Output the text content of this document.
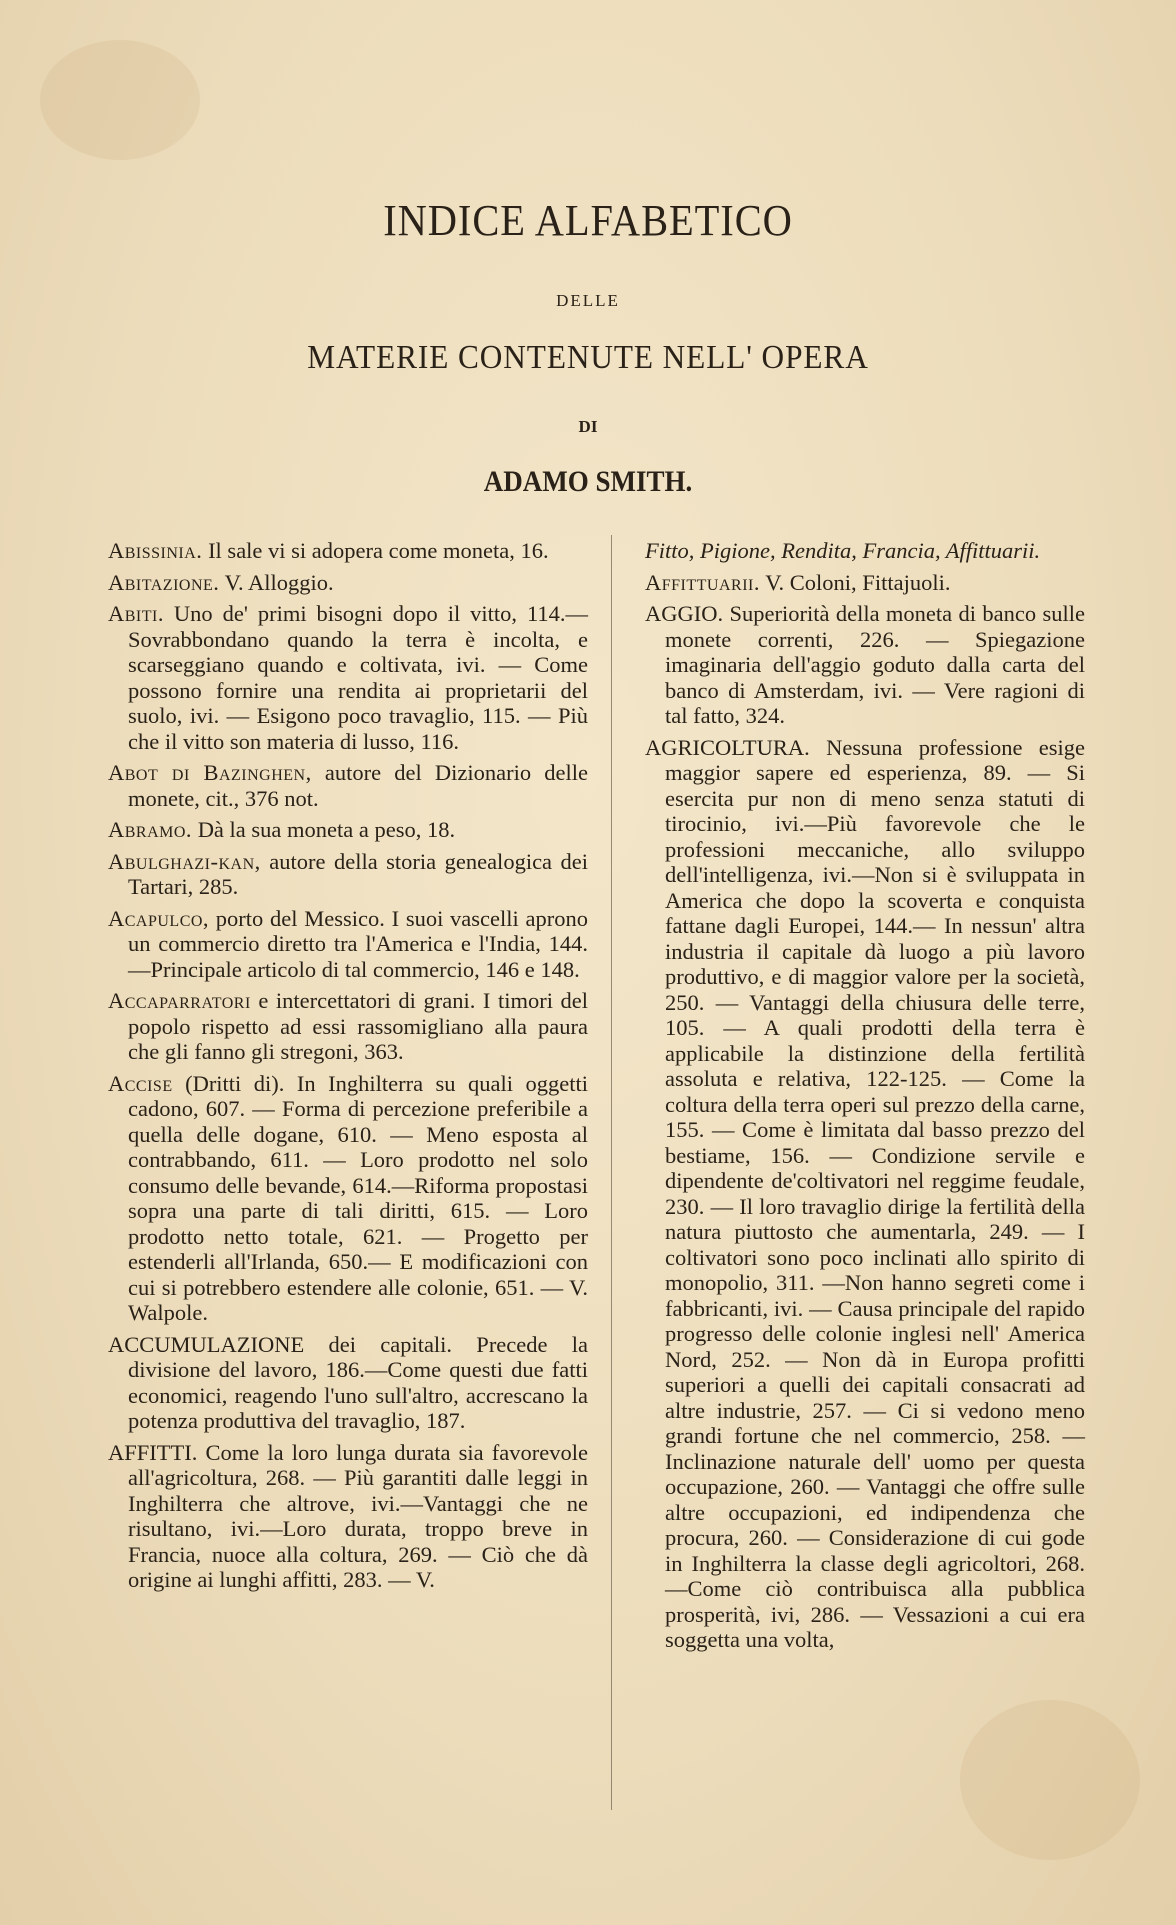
INDICE ALFABETICO

DELLE

MATERIE CONTENUTE NELL' OPERA

DI

ADAMO SMITH.

Abissinia. Il sale vi si adopera come moneta, 16.

Abitazione. V. Alloggio.

Abiti. Uno de' primi bisogni dopo il vitto, 114.—Sovrabbondano quando la terra è incolta, e scarseggiano quando e coltivata, ivi. — Come possono fornire una rendita ai proprietarii del suolo, ivi. — Esigono poco travaglio, 115. — Più che il vitto son materia di lusso, 116.

Abot di Bazinghen, autore del Dizionario delle monete, cit., 376 not.

Abramo. Dà la sua moneta a peso, 18.

Abulghazi-kan, autore della storia genealogica dei Tartari, 285.

Acapulco, porto del Messico. I suoi vascelli aprono un commercio diretto tra l'America e l'India, 144.—Principale articolo di tal commercio, 146 e 148.

Accaparratori e intercettatori di grani. I timori del popolo rispetto ad essi rassomigliano alla paura che gli fanno gli stregoni, 363.

Accise (Dritti di). In Inghilterra su quali oggetti cadono, 607. — Forma di percezione preferibile a quella delle dogane, 610. — Meno esposta al contrabbando, 611. — Loro prodotto nel solo consumo delle bevande, 614.—Riforma propostasi sopra una parte di tali diritti, 615. — Loro prodotto netto totale, 621. — Progetto per estenderli all'Irlanda, 650.— E modificazioni con cui si potrebbero estendere alle colonie, 651. — V. Walpole.

ACCUMULAZIONE dei capitali. Precede la divisione del lavoro, 186.—Come questi due fatti economici, reagendo l'uno sull'altro, accrescano la potenza produttiva del travaglio, 187.

AFFITTI. Come la loro lunga durata sia favorevole all'agricoltura, 268. — Più garantiti dalle leggi in Inghilterra che altrove, ivi.—Vantaggi che ne risultano, ivi.—Loro durata, troppo breve in Francia, nuoce alla coltura, 269. — Ciò che dà origine ai lunghi affitti, 283. — V.

Fitto, Pigione, Rendita, Francia, Affittuarii.

Affittuarii. V. Coloni, Fittajuoli.

AGGIO. Superiorità della moneta di banco sulle monete correnti, 226. — Spiegazione imaginaria dell'aggio goduto dalla carta del banco di Amsterdam, ivi. — Vere ragioni di tal fatto, 324.

AGRICOLTURA. Nessuna professione esige maggior sapere ed esperienza, 89. — Si esercita pur non di meno senza statuti di tirocinio, ivi.—Più favorevole che le professioni meccaniche, allo sviluppo dell'intelligenza, ivi.—Non si è sviluppata in America che dopo la scoverta e conquista fattane dagli Europei, 144.— In nessun' altra industria il capitale dà luogo a più lavoro produttivo, e di maggior valore per la società, 250. — Vantaggi della chiusura delle terre, 105. — A quali prodotti della terra è applicabile la distinzione della fertilità assoluta e relativa, 122-125. — Come la coltura della terra operi sul prezzo della carne, 155. — Come è limitata dal basso prezzo del bestiame, 156. — Condizione servile e dipendente de'coltivatori nel reggime feudale, 230. — Il loro travaglio dirige la fertilità della natura piuttosto che aumentarla, 249. — I coltivatori sono poco inclinati allo spirito di monopolio, 311. —Non hanno segreti come i fabbricanti, ivi. — Causa principale del rapido progresso delle colonie inglesi nell' America Nord, 252. — Non dà in Europa profitti superiori a quelli dei capitali consacrati ad altre industrie, 257. — Ci si vedono meno grandi fortune che nel commercio, 258. — Inclinazione naturale dell' uomo per questa occupazione, 260. — Vantaggi che offre sulle altre occupazioni, ed indipendenza che procura, 260. — Considerazione di cui gode in Inghilterra la classe degli agricoltori, 268.—Come ciò contribuisca alla pubblica prosperità, ivi, 286. — Vessazioni a cui era soggetta una volta,
